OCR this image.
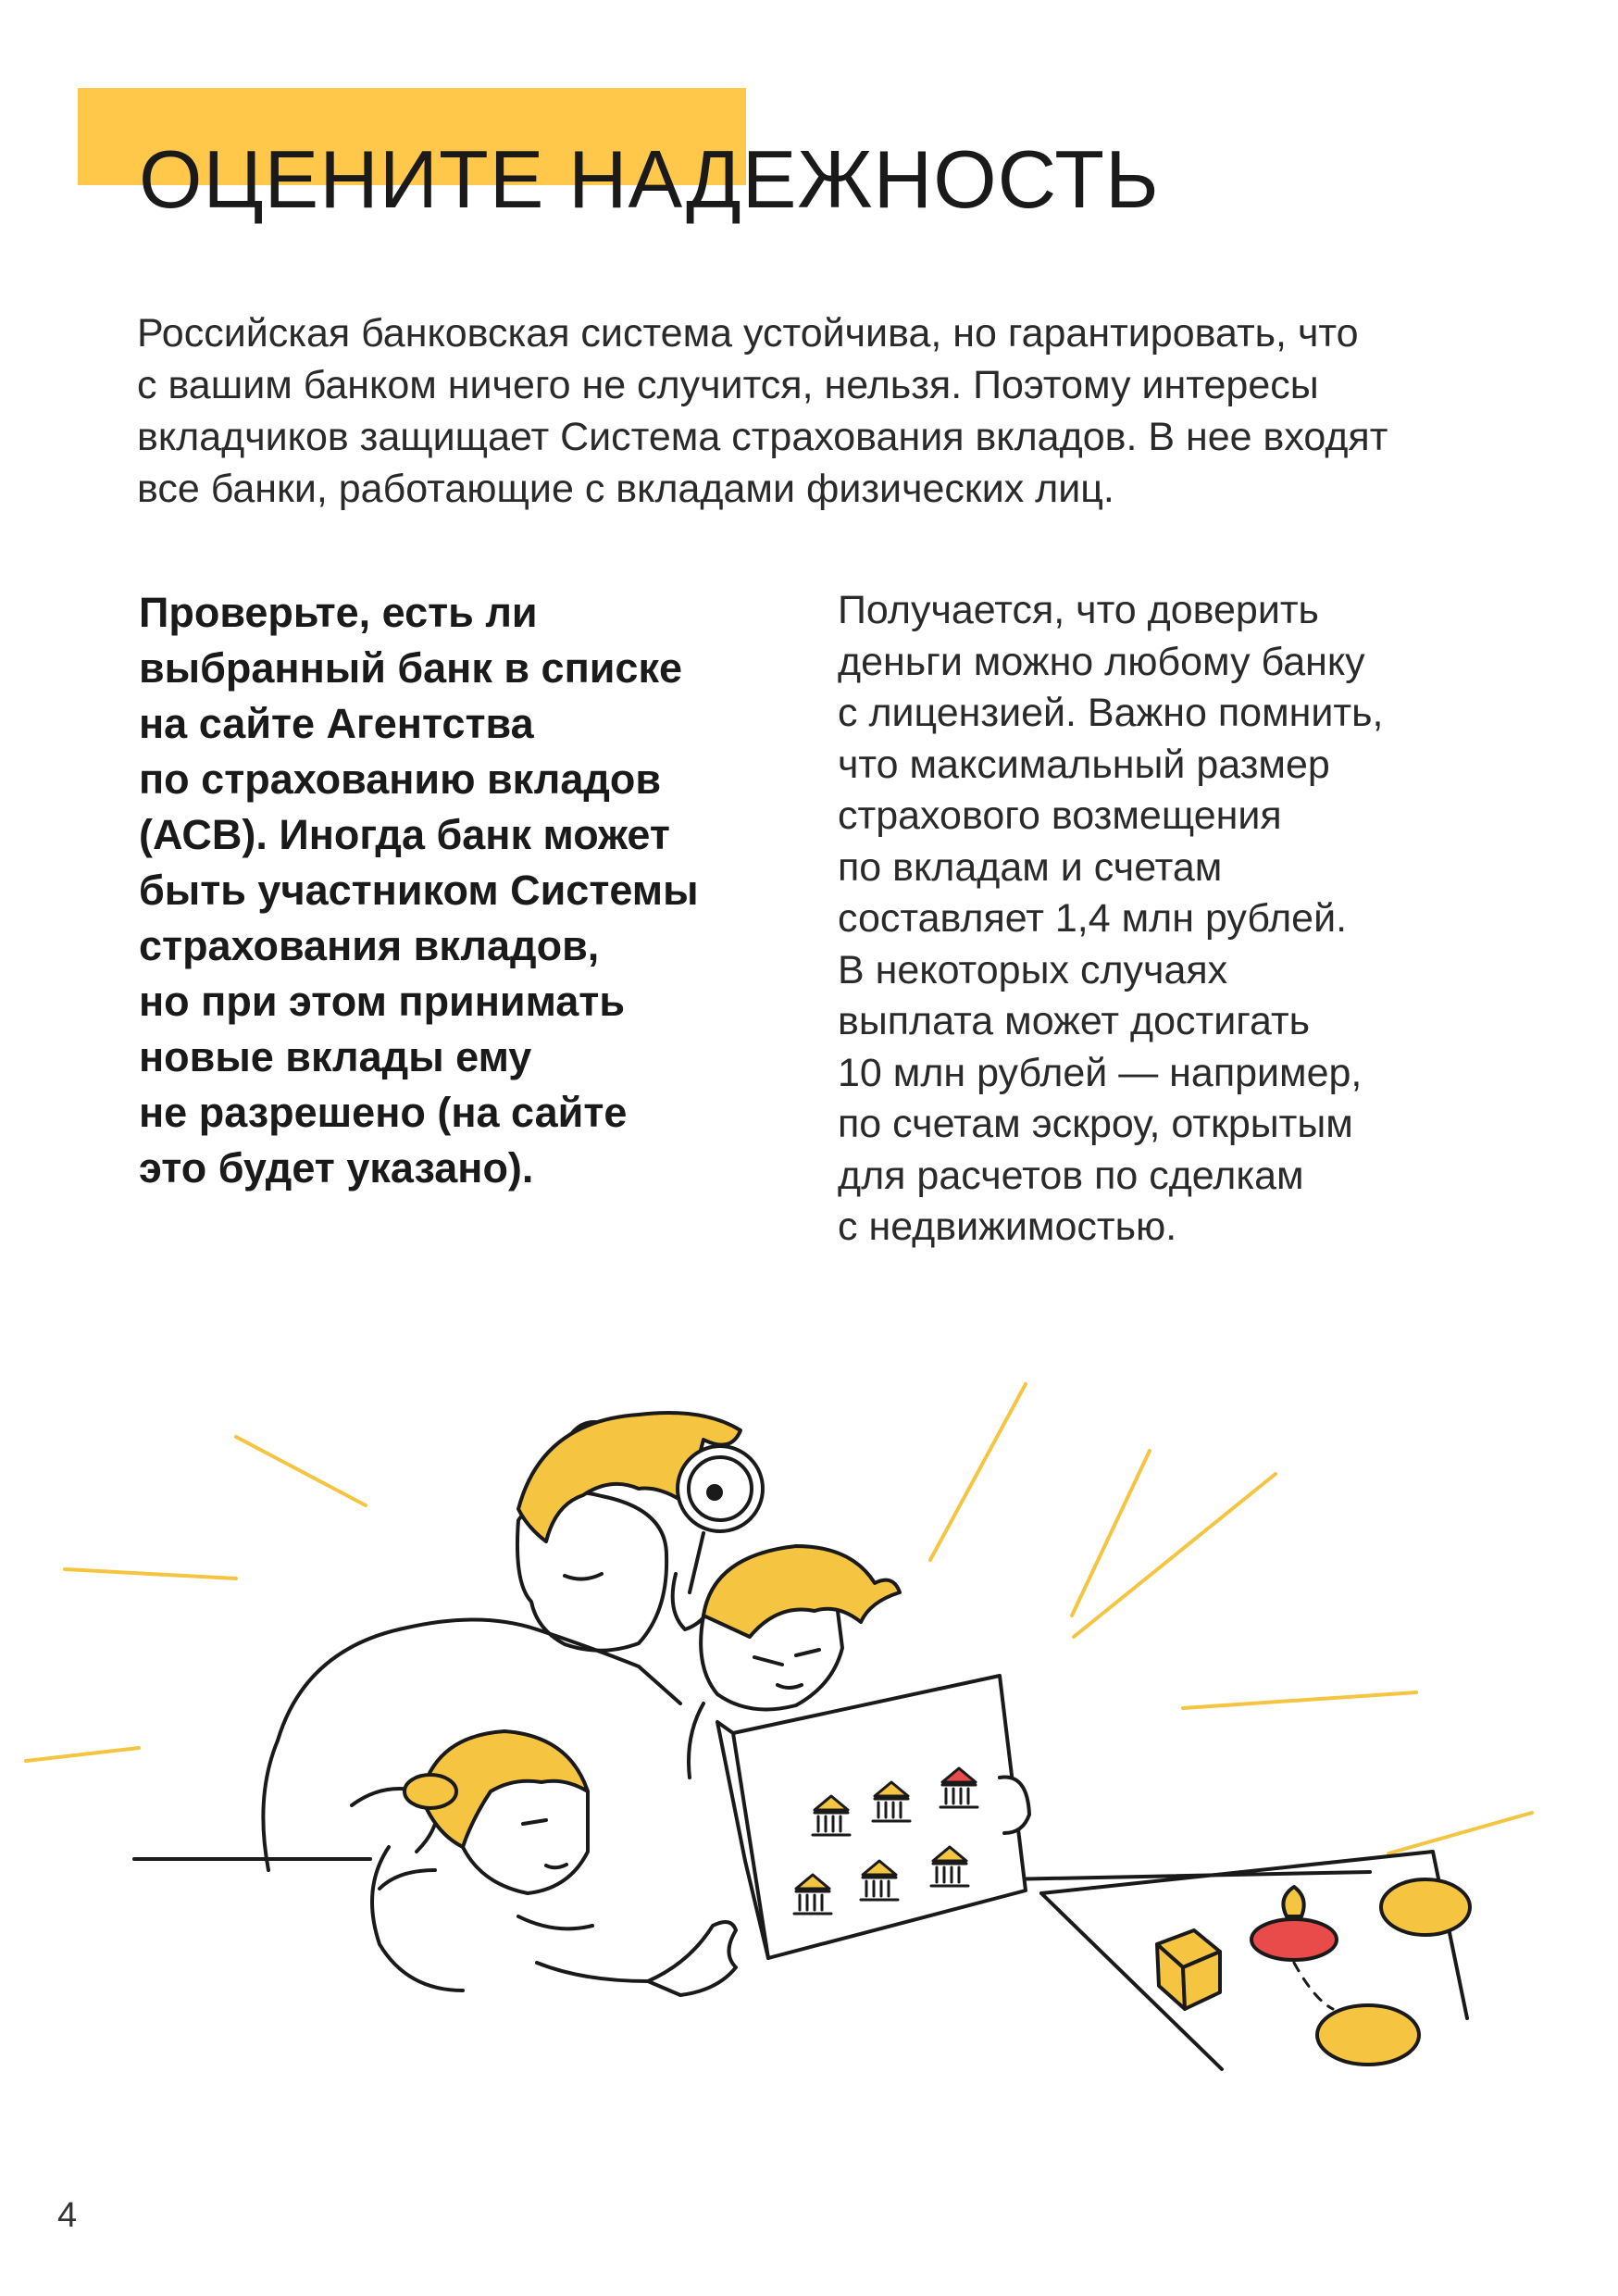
ОЦЕНИТЕ НАДЕЖНОСТЬ

Российская банковская система устойчива, но гарантировать, что
с вашим банком ничего не случится, нельзя. Поэтому интересы
вкладчиков защищает Система страхования вкладов. В нее входят
все банки, работающие с вкладами физических лиц.

Проверьте, есть ли
выбранный банк в списке
на сайте Агентства
по страхованию вкладов
(АСВ). Иногда банк может
быть участником Системы
страхования вкладов,
но при этом принимать
новые вклады ему
не разрешено (на сайте
это будет указано).

Получается, что доверить
деньги можно любому банку
с лицензией. Важно помнить,
что максимальный размер
страхового возмещения
по вкладам и счетам
составляет 1,4 млн рублей.
В некоторых случаях
выплата может достигать
10 млн рублей — например,
по счетам эскроу, открытым
для расчетов по сделкам
с недвижимостью.

4
